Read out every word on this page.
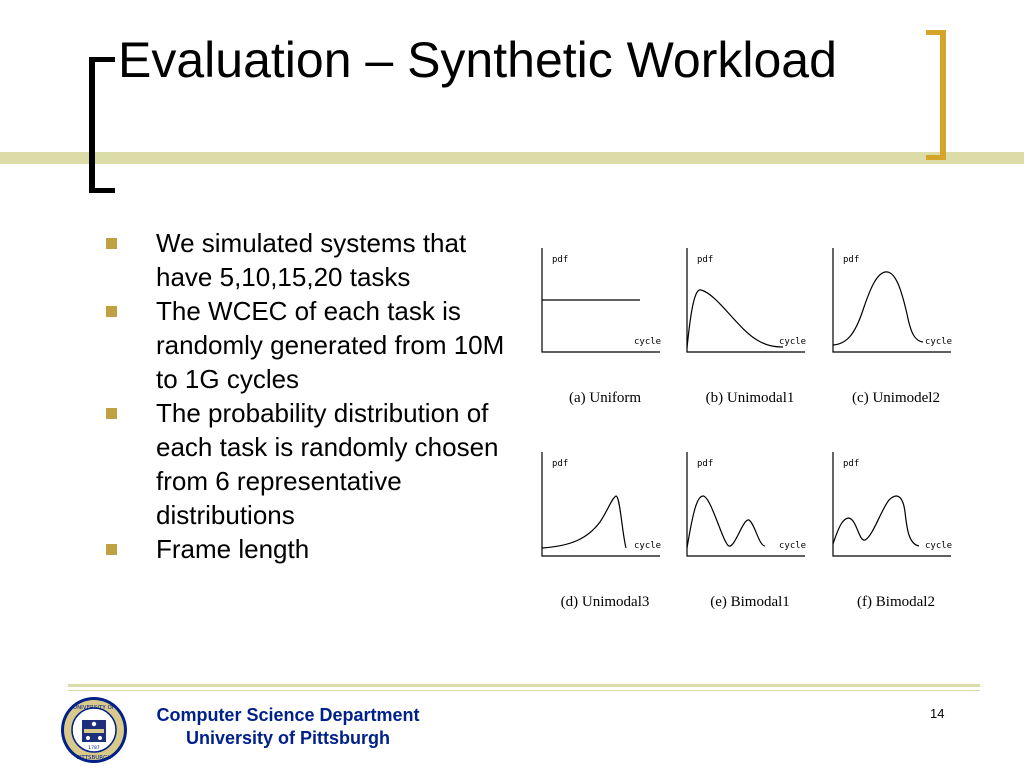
Evaluation – Synthetic Workload
We simulated systems that have 5,10,15,20 tasks
The WCEC of each task is randomly generated from 10M to 1G cycles
The probability distribution of each task is randomly chosen from 6 representative distributions
Frame length
pdf
cycle
pdf
cycle
pdf
cycle
pdf
cycle
pdf
cycle
pdf
cycle
(a) Uniform	(b) Unimodal1	(c) Unimodel2
(d) Unimodal3	(e) Bimodal1	(f) Bimodal2
UNIVERSITY OF
PITTSBURGH
1787
Computer Science Department
University of Pittsburgh
14
